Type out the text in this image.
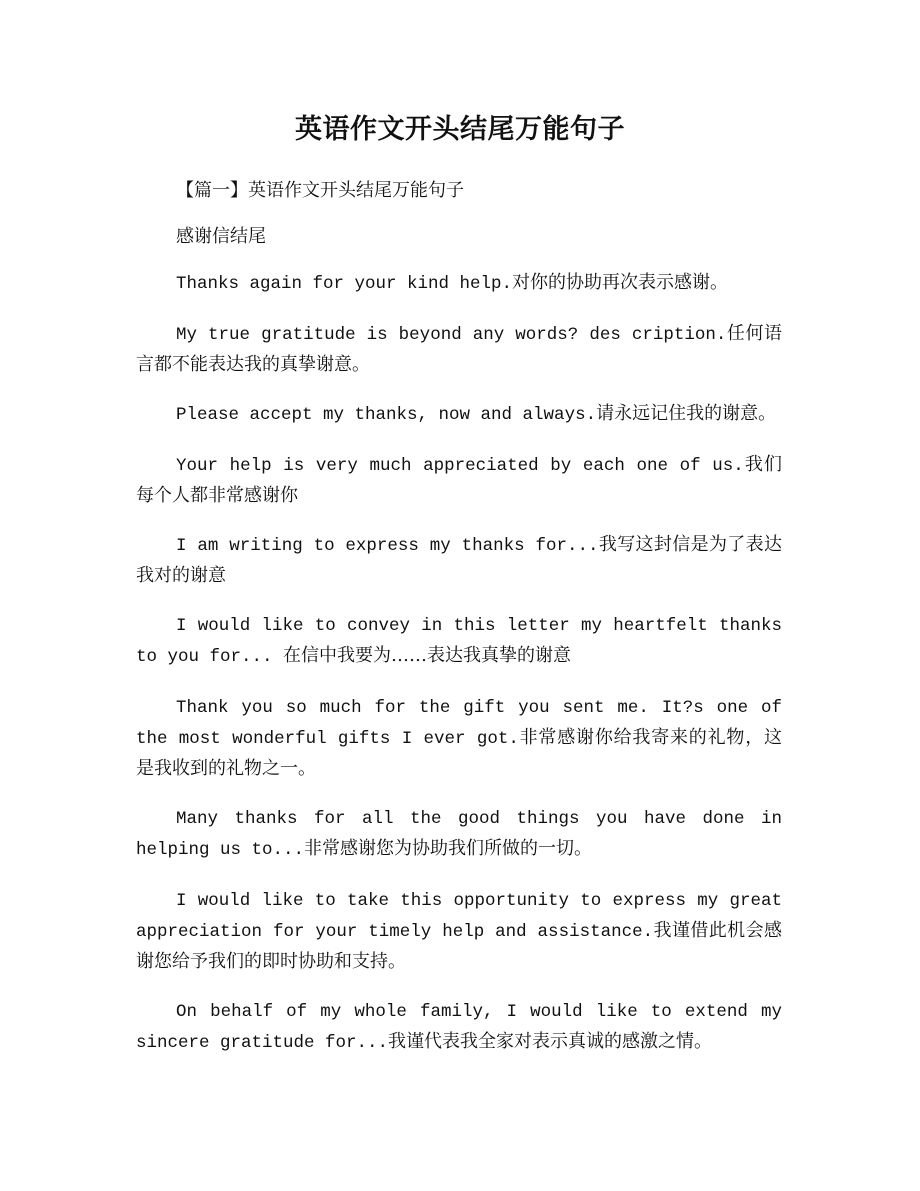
英语作文开头结尾万能句子

【篇一】英语作文开头结尾万能句子

感谢信结尾

Thanks again for your kind help.对你的协助再次表示感谢。

My true gratitude is beyond any words? des cription.任何语言都不能表达我的真挚谢意。

Please accept my thanks, now and always.请永远记住我的谢意。

Your help is very much appreciated by each one of us.我们每个人都非常感谢你

I am writing to express my thanks for...我写这封信是为了表达我对的谢意

I would like to convey in this letter my heartfelt thanks to you for... 在信中我要为……表达我真挚的谢意

Thank you so much for the gift you sent me. It?s one of the most wonderful gifts I ever got.非常感谢你给我寄来的礼物，这是我收到的礼物之一。

Many thanks for all the good things you have done in helping us to...非常感谢您为协助我们所做的一切。

I would like to take this opportunity to express my great appreciation for your timely help and assistance.我谨借此机会感谢您给予我们的即时协助和支持。

On behalf of my whole family, I would like to extend my sincere gratitude for...我谨代表我全家对表示真诚的感激之情。
